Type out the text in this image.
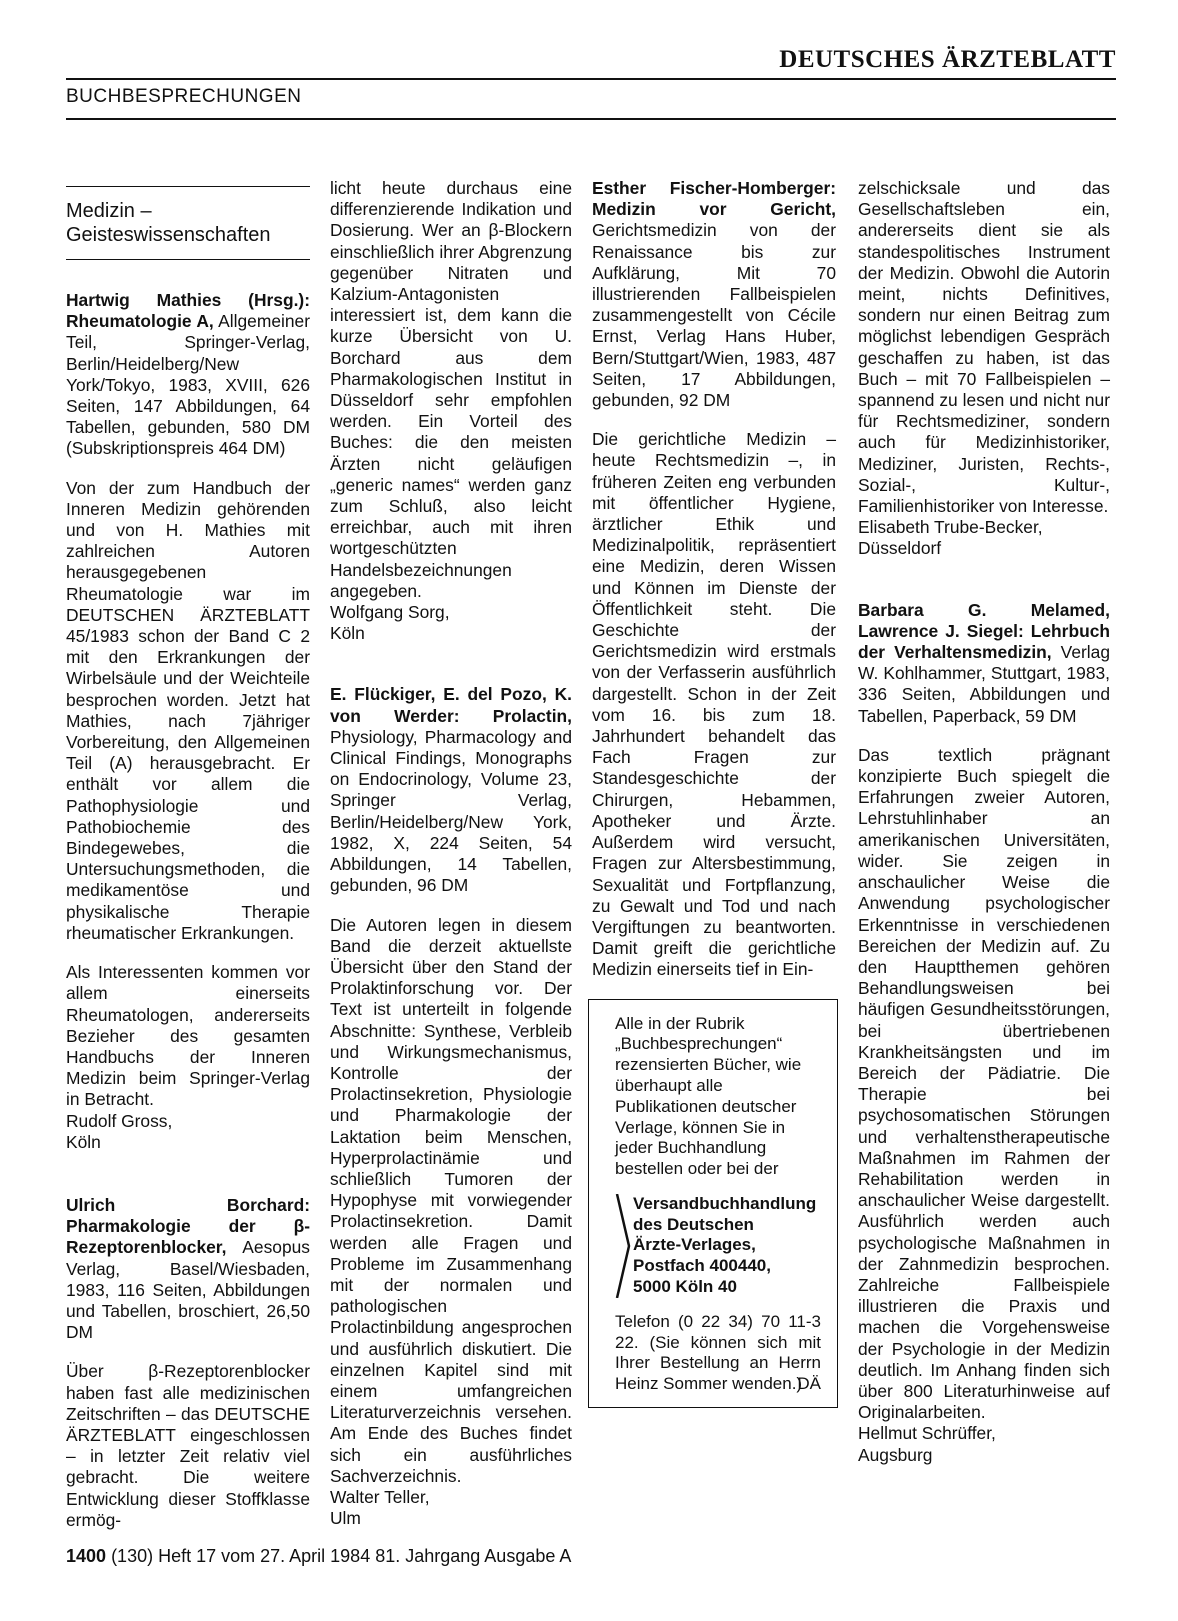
DEUTSCHES ÄRZTEBLATT
BUCHBESPRECHUNGEN
Medizin –
Geisteswissenschaften

Hartwig Mathies (Hrsg.): Rheumatologie A, Allgemeiner Teil, Springer-Verlag, Berlin/Heidelberg/New York/Tokyo, 1983, XVIII, 626 Seiten, 147 Abbildungen, 64 Tabellen, gebunden, 580 DM (Subskriptionspreis 464 DM)

Von der zum Handbuch der Inneren Medizin gehörenden und von H. Mathies mit zahlreichen Autoren herausgegebenen Rheumatologie war im DEUTSCHEN ÄRZTEBLATT 45/1983 schon der Band C 2 mit den Erkrankungen der Wirbelsäule und der Weichteile besprochen worden. Jetzt hat Mathies, nach 7jähriger Vorbereitung, den Allgemeinen Teil (A) herausgebracht. Er enthält vor allem die Pathophysiologie und Pathobiochemie des Bindegewebes, die Untersuchungsmethoden, die medikamentöse und physikalische Therapie rheumatischer Erkrankungen.

Als Interessenten kommen vor allem einerseits Rheumatologen, andererseits Bezieher des gesamten Handbuchs der Inneren Medizin beim Springer-Verlag in Betracht.

Rudolf Gross,
Köln

Ulrich Borchard: Pharmakologie der β-Rezeptorenblocker, Aesopus Verlag, Basel/Wiesbaden, 1983, 116 Seiten, Abbildungen und Tabellen, broschiert, 26,50 DM

Über β-Rezeptorenblocker haben fast alle medizinischen Zeitschriften – das DEUTSCHE ÄRZTEBLATT eingeschlossen – in letzter Zeit relativ viel gebracht. Die weitere Entwicklung dieser Stoffklasse ermög-

licht heute durchaus eine differenzierende Indikation und Dosierung. Wer an β-Blockern einschließlich ihrer Abgrenzung gegenüber Nitraten und Kalzium-Antagonisten interessiert ist, dem kann die kurze Übersicht von U. Borchard aus dem Pharmakologischen Institut in Düsseldorf sehr empfohlen werden. Ein Vorteil des Buches: die den meisten Ärzten nicht geläufigen „generic names“ werden ganz zum Schluß, also leicht erreichbar, auch mit ihren wortgeschützten Handelsbezeichnungen angegeben.

Wolfgang Sorg,
Köln

E. Flückiger, E. del Pozo, K. von Werder: Prolactin, Physiology, Pharmacology and Clinical Findings, Monographs on Endocrinology, Volume 23, Springer Verlag, Berlin/Heidelberg/New York, 1982, X, 224 Seiten, 54 Abbildungen, 14 Tabellen, gebunden, 96 DM

Die Autoren legen in diesem Band die derzeit aktuellste Übersicht über den Stand der Prolaktinforschung vor. Der Text ist unterteilt in folgende Abschnitte: Synthese, Verbleib und Wirkungsmechanismus, Kontrolle der Prolactinsekretion, Physiologie und Pharmakologie der Laktation beim Menschen, Hyperprolactinämie und schließlich Tumoren der Hypophyse mit vorwiegender Prolactinsekretion. Damit werden alle Fragen und Probleme im Zusammenhang mit der normalen und pathologischen Prolactinbildung angesprochen und ausführlich diskutiert. Die einzelnen Kapitel sind mit einem umfangreichen Literaturverzeichnis versehen. Am Ende des Buches findet sich ein ausführliches Sachverzeichnis.

Walter Teller,
Ulm

Esther Fischer-Homberger: Medizin vor Gericht, Gerichtsmedizin von der Renaissance bis zur Aufklärung, Mit 70 illustrierenden Fallbeispielen zusammengestellt von Cécile Ernst, Verlag Hans Huber, Bern/Stuttgart/Wien, 1983, 487 Seiten, 17 Abbildungen, gebunden, 92 DM

Die gerichtliche Medizin – heute Rechtsmedizin –, in früheren Zeiten eng verbunden mit öffentlicher Hygiene, ärztlicher Ethik und Medizinalpolitik, repräsentiert eine Medizin, deren Wissen und Können im Dienste der Öffentlichkeit steht. Die Geschichte der Gerichtsmedizin wird erstmals von der Verfasserin ausführlich dargestellt. Schon in der Zeit vom 16. bis zum 18. Jahrhundert behandelt das Fach Fragen zur Standesgeschichte der Chirurgen, Hebammen, Apotheker und Ärzte. Außerdem wird versucht, Fragen zur Altersbestimmung, Sexualität und Fortpflanzung, zu Gewalt und Tod und nach Vergiftungen zu beantworten. Damit greift die gerichtliche Medizin einerseits tief in Ein-

Alle in der Rubrik „Buchbesprechungen“ rezensierten Bücher, wie überhaupt alle Publikationen deutscher Verlage, können Sie in jeder Buchhandlung bestellen oder bei der

Versandbuchhandlung
des Deutschen
Ärzte-Verlages,
Postfach 400440,
5000 Köln 40

Telefon (0 22 34) 70 11-3 22. (Sie können sich mit Ihrer Bestellung an Herrn Heinz Sommer wenden.)

DÄ

zelschicksale und das Gesellschaftsleben ein, andererseits dient sie als standespolitisches Instrument der Medizin. Obwohl die Autorin meint, nichts Definitives, sondern nur einen Beitrag zum möglichst lebendigen Gespräch geschaffen zu haben, ist das Buch – mit 70 Fallbeispielen – spannend zu lesen und nicht nur für Rechtsmediziner, sondern auch für Medizinhistoriker, Mediziner, Juristen, Rechts-, Sozial-, Kultur-, Familienhistoriker von Interesse.

Elisabeth Trube-Becker,
Düsseldorf

Barbara G. Melamed, Lawrence J. Siegel: Lehrbuch der Verhaltensmedizin, Verlag W. Kohlhammer, Stuttgart, 1983, 336 Seiten, Abbildungen und Tabellen, Paperback, 59 DM

Das textlich prägnant konzipierte Buch spiegelt die Erfahrungen zweier Autoren, Lehrstuhlinhaber an amerikanischen Universitäten, wider. Sie zeigen in anschaulicher Weise die Anwendung psychologischer Erkenntnisse in verschiedenen Bereichen der Medizin auf. Zu den Hauptthemen gehören Behandlungsweisen bei häufigen Gesundheitsstörungen, bei übertriebenen Krankheitsängsten und im Bereich der Pädiatrie. Die Therapie bei psychosomatischen Störungen und verhaltenstherapeutische Maßnahmen im Rahmen der Rehabilitation werden in anschaulicher Weise dargestellt. Ausführlich werden auch psychologische Maßnahmen in der Zahnmedizin besprochen. Zahlreiche Fallbeispiele illustrieren die Praxis und machen die Vorgehensweise der Psychologie in der Medizin deutlich. Im Anhang finden sich über 800 Literaturhinweise auf Originalarbeiten.

Hellmut Schrüffer,
Augsburg

1400 (130) Heft 17 vom 27. April 1984 81. Jahrgang Ausgabe A
